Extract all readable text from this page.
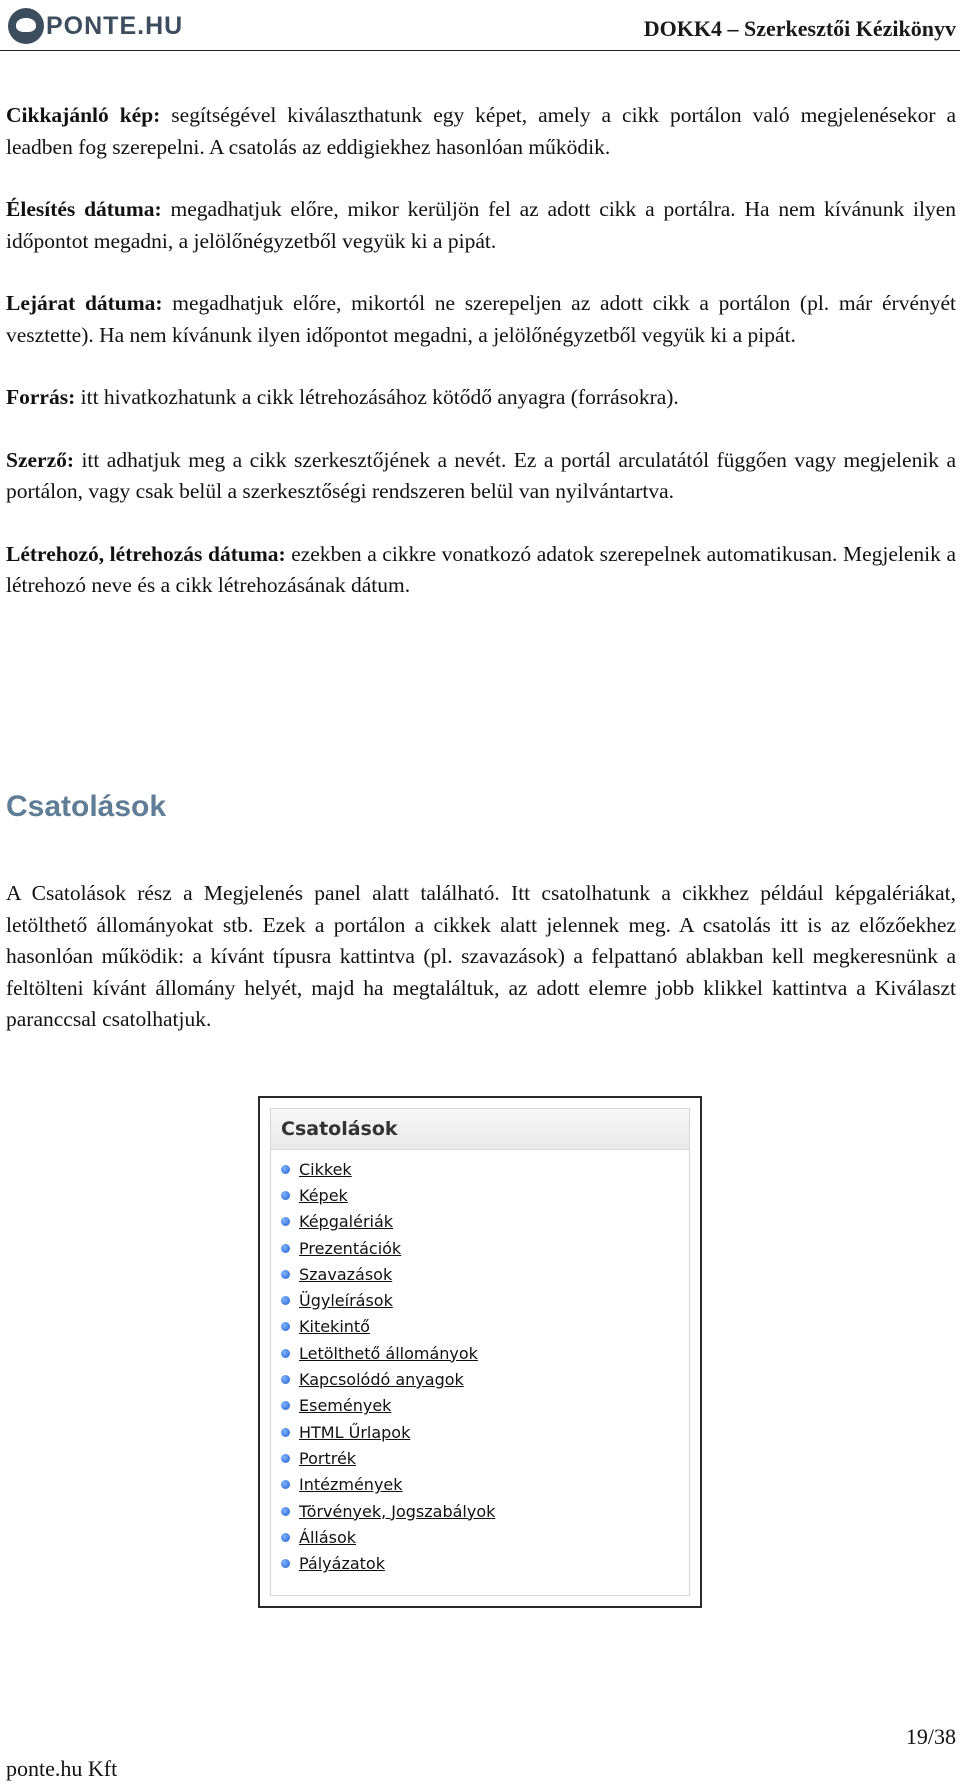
PONTE.HU	DOKK4 – Szerkesztői Kézikönyv

Cikkajánló kép: segítségével kiválaszthatunk egy képet, amely a cikk portálon való megjelenésekor a leadben fog szerepelni. A csatolás az eddigiekhez hasonlóan működik.

Élesítés dátuma: megadhatjuk előre, mikor kerüljön fel az adott cikk a portálra. Ha nem kívánunk ilyen időpontot megadni, a jelölőnégyzetből vegyük ki a pipát.

Lejárat dátuma: megadhatjuk előre, mikortól ne szerepeljen az adott cikk a portálon (pl. már érvényét vesztette). Ha nem kívánunk ilyen időpontot megadni, a jelölőnégyzetből vegyük ki a pipát.

Forrás: itt hivatkozhatunk a cikk létrehozásához kötődő anyagra (forrásokra).

Szerző: itt adhatjuk meg a cikk szerkesztőjének a nevét. Ez a portál arculatától függően vagy megjelenik a portálon, vagy csak belül a szerkesztőségi rendszeren belül van nyilvántartva.

Létrehozó, létrehozás dátuma: ezekben a cikkre vonatkozó adatok szerepelnek automatikusan. Megjelenik a létrehozó neve és a cikk létrehozásának dátum.

Csatolások

A Csatolások rész a Megjelenés panel alatt található. Itt csatolhatunk a cikkhez például képgalériákat, letölthető állományokat stb. Ezek a portálon a cikkek alatt jelennek meg. A csatolás itt is az előzőekhez hasonlóan működik: a kívánt típusra kattintva (pl. szavazások) a felpattanó ablakban kell megkeresnünk a feltölteni kívánt állomány helyét, majd ha megtaláltuk, az adott elemre jobb klikkel kattintva a Kiválaszt paranccsal csatolhatjuk.

Csatolások
Cikkek
Képek
Képgalériák
Prezentációk
Szavazások
Ügyleírások
Kitekintő
Letölthető állományok
Kapcsolódó anyagok
Események
HTML Űrlapok
Portrék
Intézmények
Törvények, Jogszabályok
Állások
Pályázatok
19/38
ponte.hu Kft
